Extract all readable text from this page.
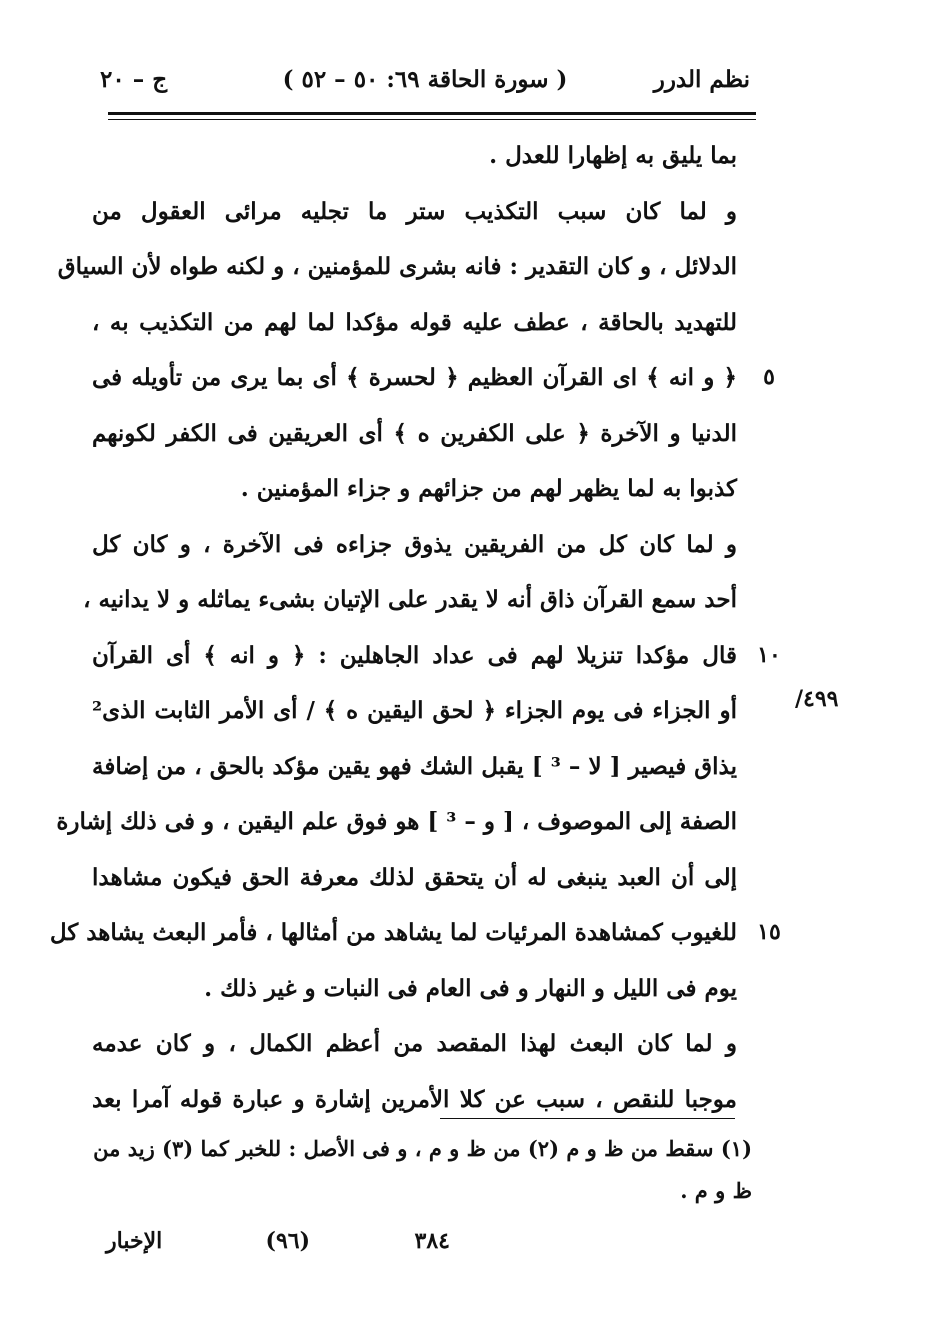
نظم الدرر
( سورة الحاقة ٦٩: ٥٠ – ٥٢ )
ج – ٢٠
بما يليق به إظهارا للعدل .
و لما كان سبب التكذيب ستر ما تجليه مرائى العقول من
الدلائل ، و كان التقدير : فانه بشرى للمؤمنين ، و لكنه طواه لأن السياق
للتهديد بالحاقة ، عطف عليه قوله مؤكدا لما لهم من التكذيب به ،
٥
﴿ و انه ﴾ اى القرآن العظيم ﴿ لحسرة ﴾ أى بما يرى من تأويله فى
الدنيا و الآخرة ﴿ على الكفرين ه ﴾ أى العريقين فى الكفر لكونهم
كذبوا به لما يظهر لهم من جزائهم و جزاء المؤمنين .
و لما كان كل من الفريقين يذوق جزاءه فى الآخرة ، و كان كل
أحد سمع القرآن ذاق أنه لا يقدر على الإتيان بشىء يماثله و لا يدانيه ،
١٠
قال مؤكدا تنزيلا لهم فى عداد الجاهلين : ﴿ و انه ﴾ أى القرآن
أو الجزاء فى يوم الجزاء ﴿ لحق اليقين ه ﴾ / أى الأمر الثابت الذى²
يذاق فيصير [ لا – ³ ] يقبل الشك فهو يقين مؤكد بالحق ، من إضافة
الصفة إلى الموصوف ، [ و – ³ ] هو فوق علم اليقين ، و فى ذلك إشارة
إلى أن العبد ينبغى له أن يتحقق لذلك معرفة الحق فيكون مشاهدا
١٥
للغيوب كمشاهدة المرئيات لما يشاهد من أمثالها ، فأمر البعث يشاهد كل
يوم فى الليل و النهار و فى العام فى النبات و غير ذلك .
و لما كان البعث لهذا المقصد من أعظم الكمال ، و كان عدمه
موجبا للنقص ، سبب عن كلا الأمرين إشارة و عبارة قوله آمرا بعد
٤٩٩/
(١) سقط من ظ و م (٢) من ظ و م ، و فى الأصل : للخبر كما (٣) زيد من
ظ و م .
٣٨٤
(٩٦)
الإخبار
